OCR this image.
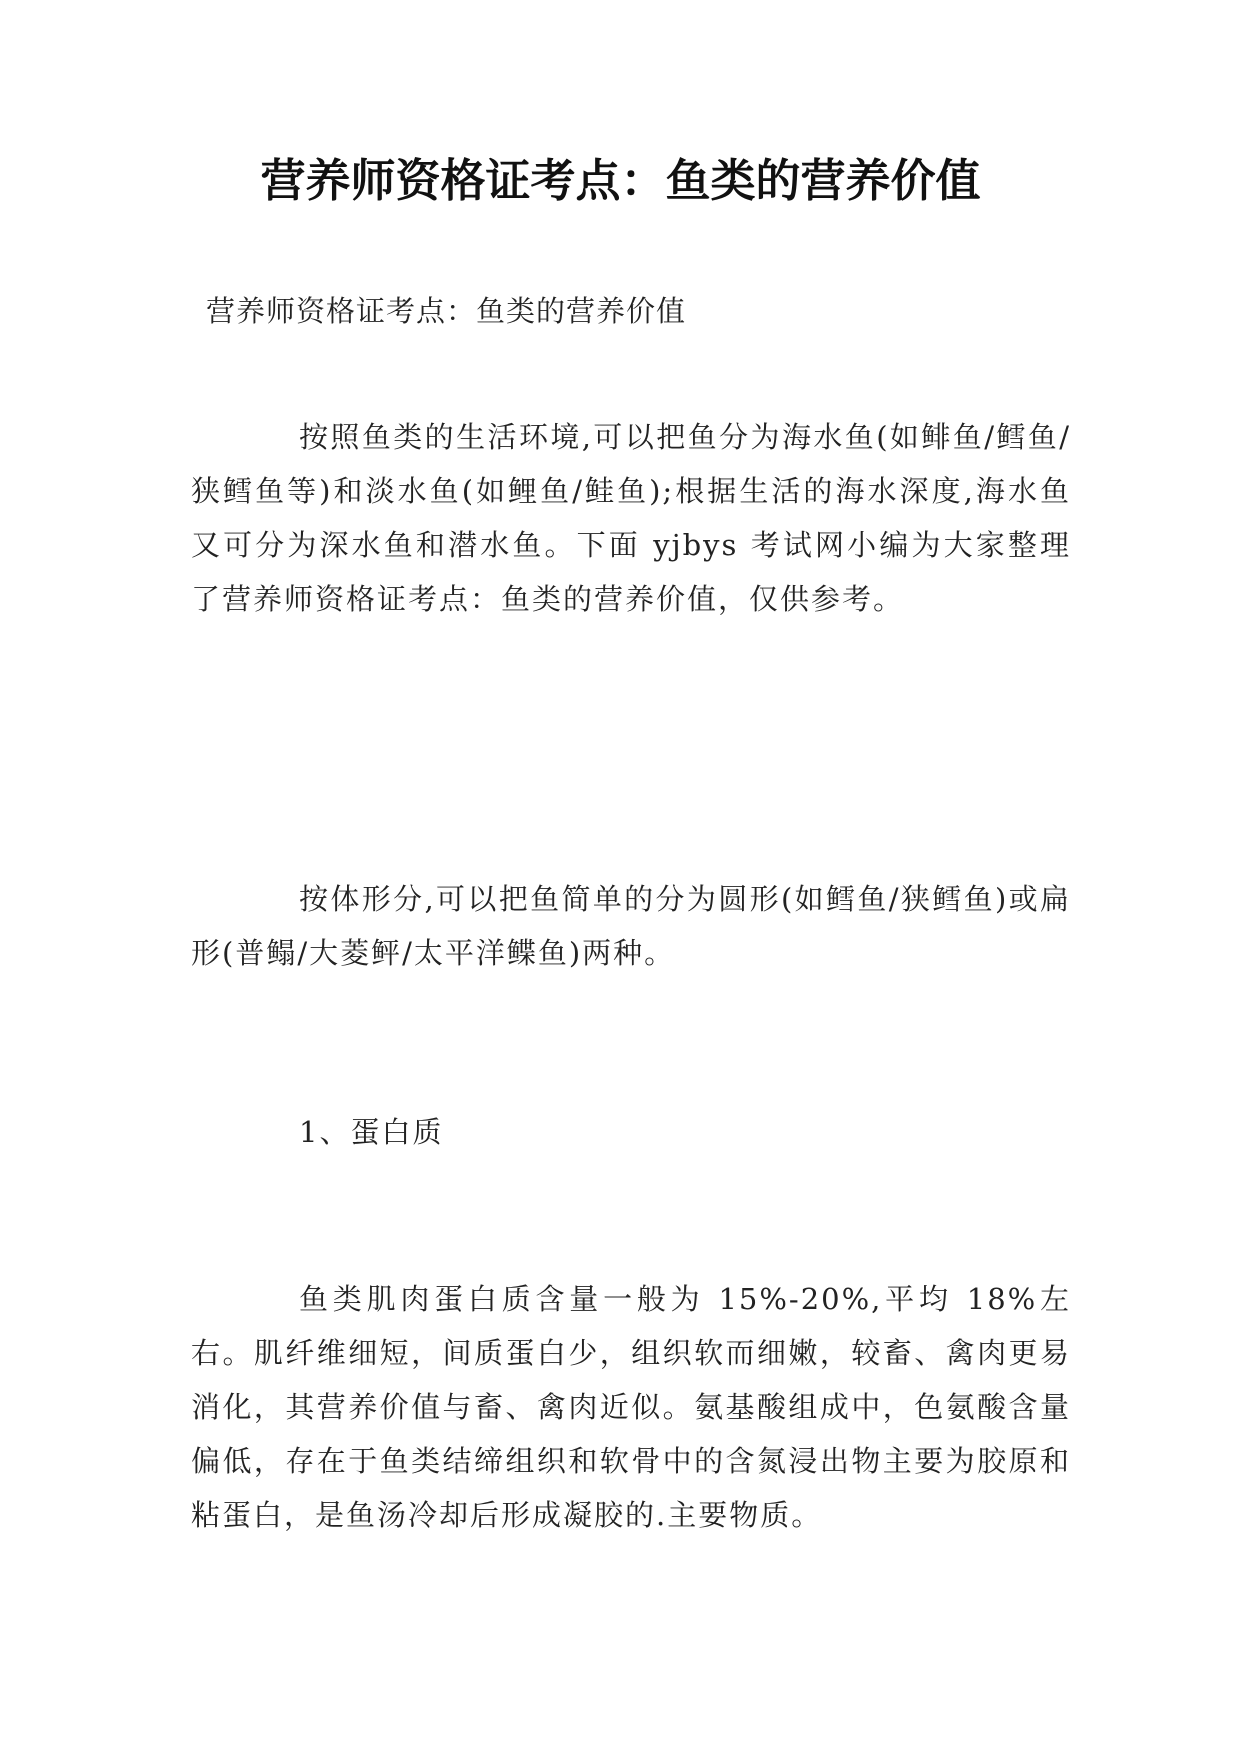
营养师资格证考点：鱼类的营养价值

营养师资格证考点：鱼类的营养价值

按照鱼类的生活环境,可以把鱼分为海水鱼(如鲱鱼/鳕鱼/狭鳕鱼等)和淡水鱼(如鲤鱼/鲑鱼);根据生活的海水深度,海水鱼又可分为深水鱼和潜水鱼。下面 yjbys 考试网小编为大家整理了营养师资格证考点：鱼类的营养价值，仅供参考。

按体形分,可以把鱼简单的分为圆形(如鳕鱼/狭鳕鱼)或扁形(普鳎/大菱鲆/太平洋鲽鱼)两种。

1、蛋白质

鱼类肌肉蛋白质含量一般为 15%-20%,平均 18%左右。肌纤维细短，间质蛋白少，组织软而细嫩，较畜、禽肉更易消化，其营养价值与畜、禽肉近似。氨基酸组成中，色氨酸含量偏低，存在于鱼类结缔组织和软骨中的含氮浸出物主要为胶原和粘蛋白，是鱼汤冷却后形成凝胶的.主要物质。
